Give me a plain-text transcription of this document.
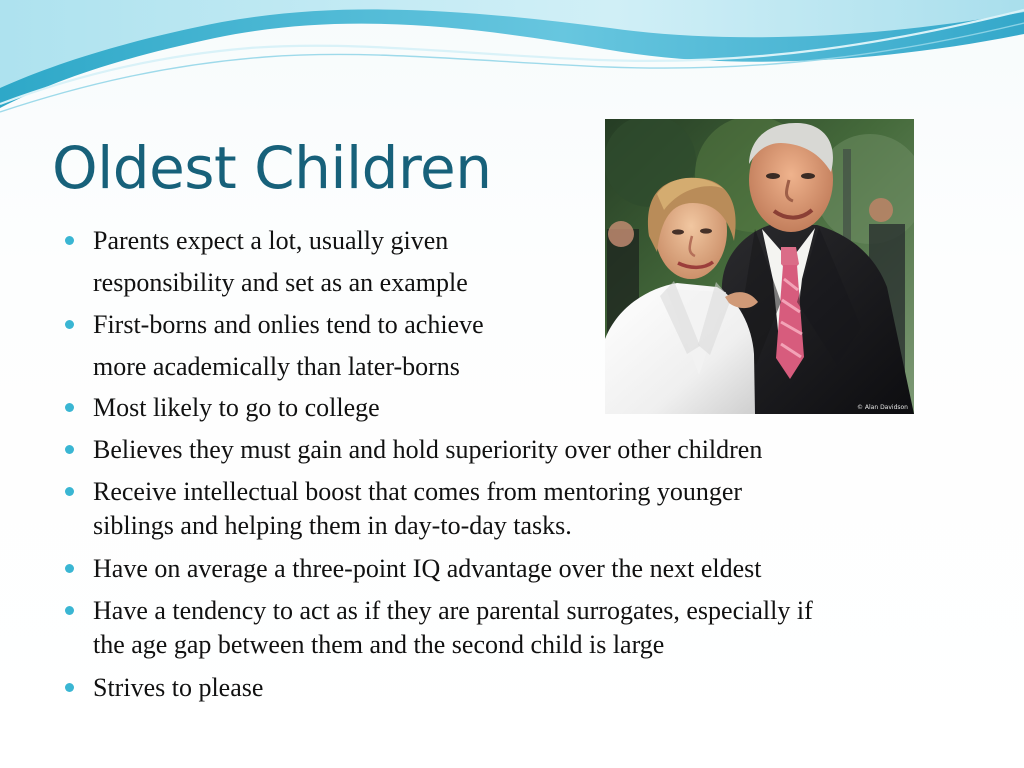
Oldest Children
© Alan Davidson
Parents expect a lot, usually given
responsibility and set as an example
First-borns and onlies tend to achieve
more academically than later-borns
Most likely to go to college
Believes they must gain and hold superiority over other children
Receive intellectual boost that comes from mentoring younger
siblings and helping them in day-to-day tasks.
Have on average a three-point IQ advantage over the next eldest
Have a tendency to act as if they are parental surrogates, especially if
the age gap between them and the second child is large
Strives to please
